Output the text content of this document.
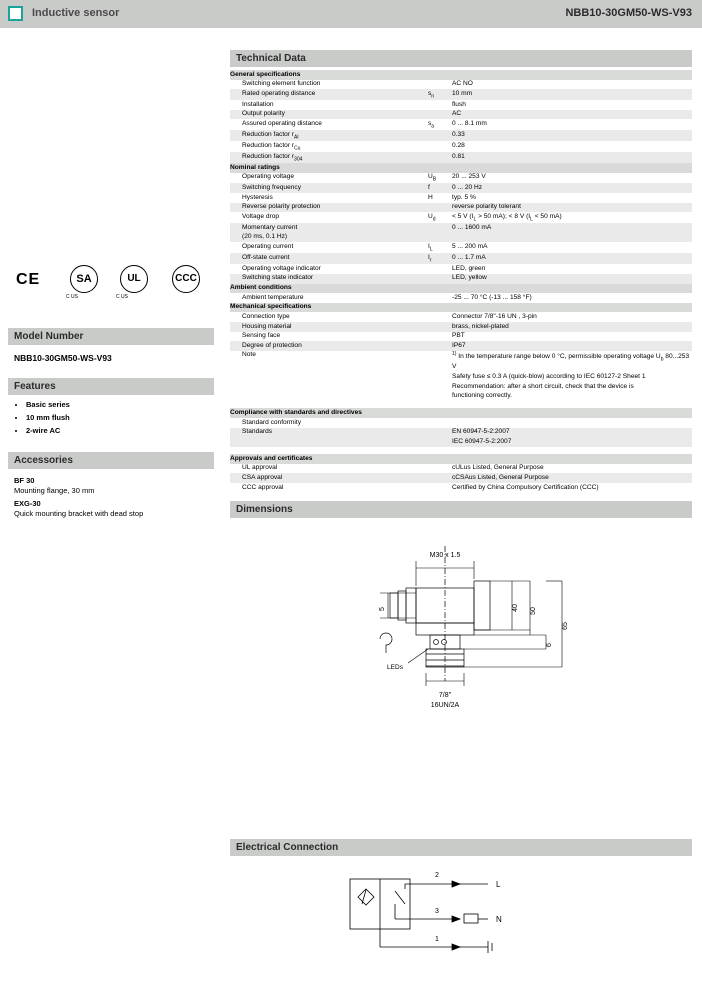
Inductive sensor	NBB10-30GM50-WS-V93
CE	SA
C US
UL
C US
CCC
Model Number
NBB10-30GM50-WS-V93
Features
• Basic series
• 10 mm flush
• 2-wire AC
Accessories
BF 30
Mounting flange, 30 mm
EXG-30
Quick mounting bracket with dead stop
Technical Data
General specifications		
Switching element function		AC NO
Rated operating distance	$s_n$	10 mm
Installation		flush
Output polarity		AC
Assured operating distance	$s_a$	0 ... 8.1 mm
Reduction factor $r_{Al}$		0.33
Reduction factor $r_{Cu}$		0.28
Reduction factor $r_{304}$		0.81
Nominal ratings		
Operating voltage	$U_B$	20 ... 253 V
Switching frequency	f	0 ... 20 Hz
Hysteresis	H	typ. 5 %
Reverse polarity protection		reverse polarity tolerant
Voltage drop	$U_d$	< 5 V ($I_L > 50$ mA); < 8 V ($I_L < 50$ mA)
Momentary current		0 ... 1600 mA
(20 ms, 0.1 Hz)		
Operating current	$I_L$	5 ... 200 mA
Off-state current	$I_r$	0 ... 1.7 mA
Operating voltage indicator		LED, green
Switching state indicator		LED, yellow
Ambient conditions		
Ambient temperature		-25 ... 70 °C (-13 ... 158 °F)
Mechanical specifications		
Connection type		Connector 7/8"-16 UN , 3-pin
Housing material		brass, nickel-plated
Sensing face		PBT
Degree of protection		IP67
Note		$^{1)}$ In the temperature range below 0 °C, permissible operating voltage $U_b$ 80...253 V
		Safety fuse ≤ 0.3 A (quick-blow) according to IEC 60127-2 Sheet 1
		Recommendation: after a short circuit, check that the device is
		functioning correctly.

Compliance with standards and directives		
Standard conformity		
Standards		EN 60947-5-2:2007
		IEC 60947-5-2:2007

Approvals and certificates		
UL approval		cULus Listed, General Purpose
CSA approval		cCSAus Listed, General Purpose
CCC approval		Certified by China Compulsory Certification (CCC)
Dimensions
M30 x 1.5
5	40 50
65
6
LEDs
7/8"
16UN/2A
Electrical Connection
2
3
1
L
N
